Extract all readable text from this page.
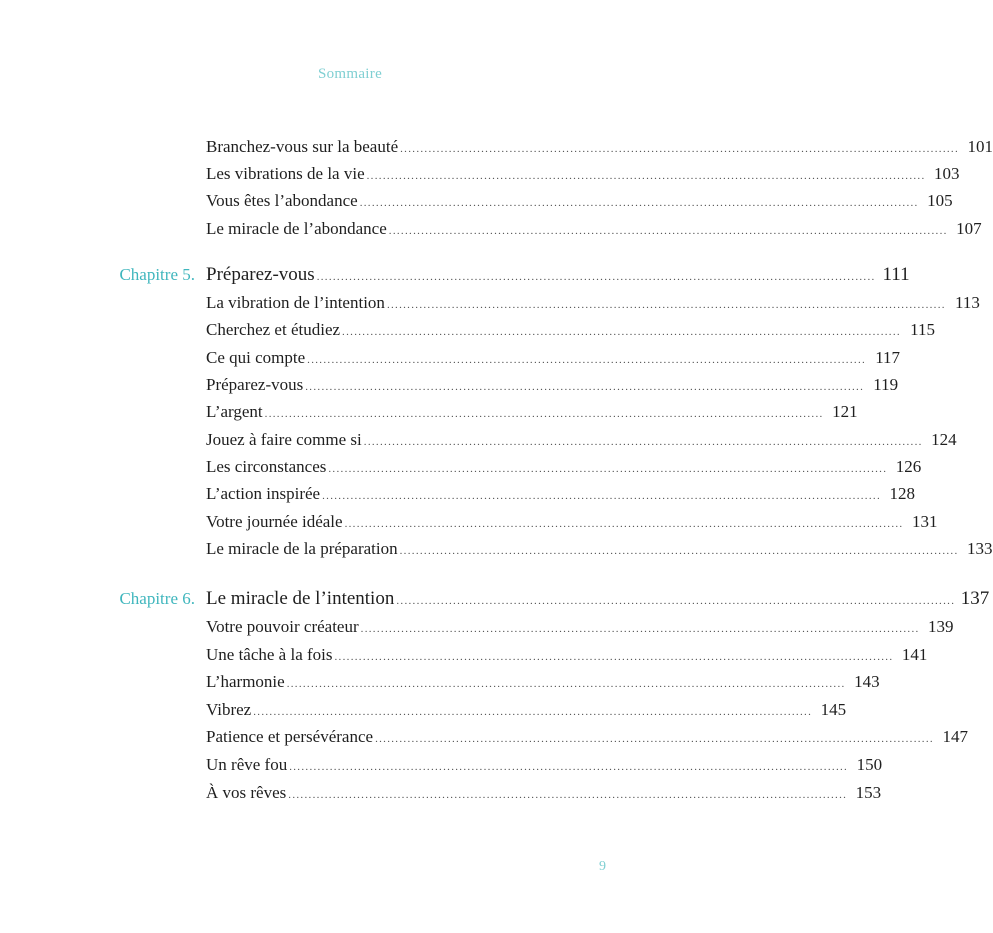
Sommaire
Branchez-vous sur la beauté .......................................................................................................................................... 101
Les vibrations de la vie .......................................................................................................................................... 103
Vous êtes l’abondance .......................................................................................................................................... 105
Le miracle de l’abondance .......................................................................................................................................... 107
Chapitre 5. Préparez-vous .......................................................................................................................................... 111
La vibration de l’intention .......................................................................................................................................... 113
Cherchez et étudiez .......................................................................................................................................... 115
Ce qui compte .......................................................................................................................................... 117
Préparez-vous .......................................................................................................................................... 119
L’argent .......................................................................................................................................... 121
Jouez à faire comme si .......................................................................................................................................... 124
Les circonstances .......................................................................................................................................... 126
L’action inspirée .......................................................................................................................................... 128
Votre journée idéale .......................................................................................................................................... 131
Le miracle de la préparation .......................................................................................................................................... 133
Chapitre 6. Le miracle de l’intention .......................................................................................................................................... 137
Votre pouvoir créateur .......................................................................................................................................... 139
Une tâche à la fois .......................................................................................................................................... 141
L’harmonie .......................................................................................................................................... 143
Vibrez .......................................................................................................................................... 145
Patience et persévérance .......................................................................................................................................... 147
Un rêve fou .......................................................................................................................................... 150
À vos rêves .......................................................................................................................................... 153
9
